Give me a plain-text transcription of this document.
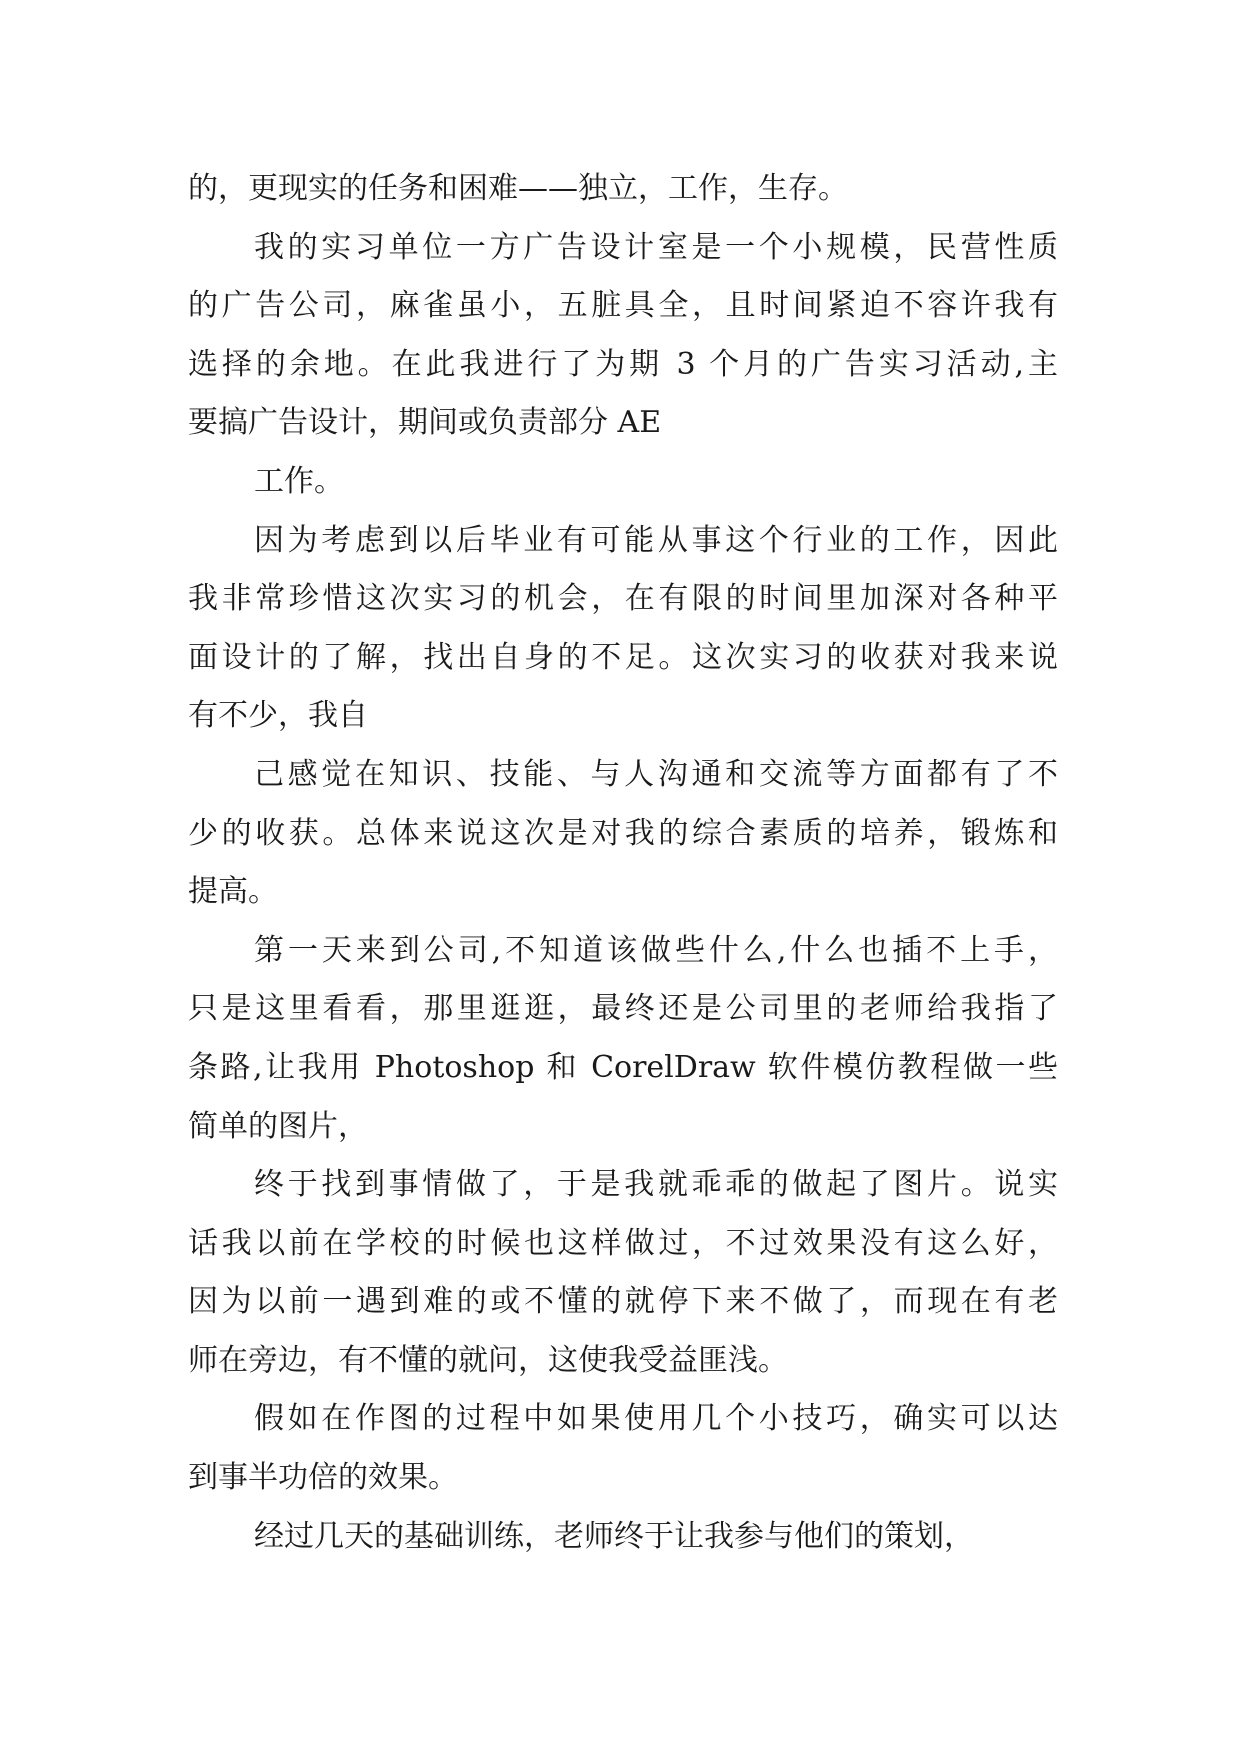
的，更现实的任务和困难——独立，工作，生存。
我的实习单位一方广告设计室是一个小规模，民营性质
的广告公司，麻雀虽小，五脏具全，且时间紧迫不容许我有
选择的余地。在此我进行了为期 3 个月的广告实习活动,主
要搞广告设计，期间或负责部分 AE
工作。
因为考虑到以后毕业有可能从事这个行业的工作，因此
我非常珍惜这次实习的机会，在有限的时间里加深对各种平
面设计的了解，找出自身的不足。这次实习的收获对我来说
有不少，我自
己感觉在知识、技能、与人沟通和交流等方面都有了不
少的收获。总体来说这次是对我的综合素质的培养，锻炼和
提高。
第一天来到公司,不知道该做些什么,什么也插不上手，
只是这里看看，那里逛逛，最终还是公司里的老师给我指了
条路,让我用 Photoshop 和 CorelDraw 软件模仿教程做一些
简单的图片，
终于找到事情做了，于是我就乖乖的做起了图片。说实
话我以前在学校的时候也这样做过，不过效果没有这么好，
因为以前一遇到难的或不懂的就停下来不做了，而现在有老
师在旁边，有不懂的就问，这使我受益匪浅。
假如在作图的过程中如果使用几个小技巧，确实可以达
到事半功倍的效果。
经过几天的基础训练，老师终于让我参与他们的策划，
